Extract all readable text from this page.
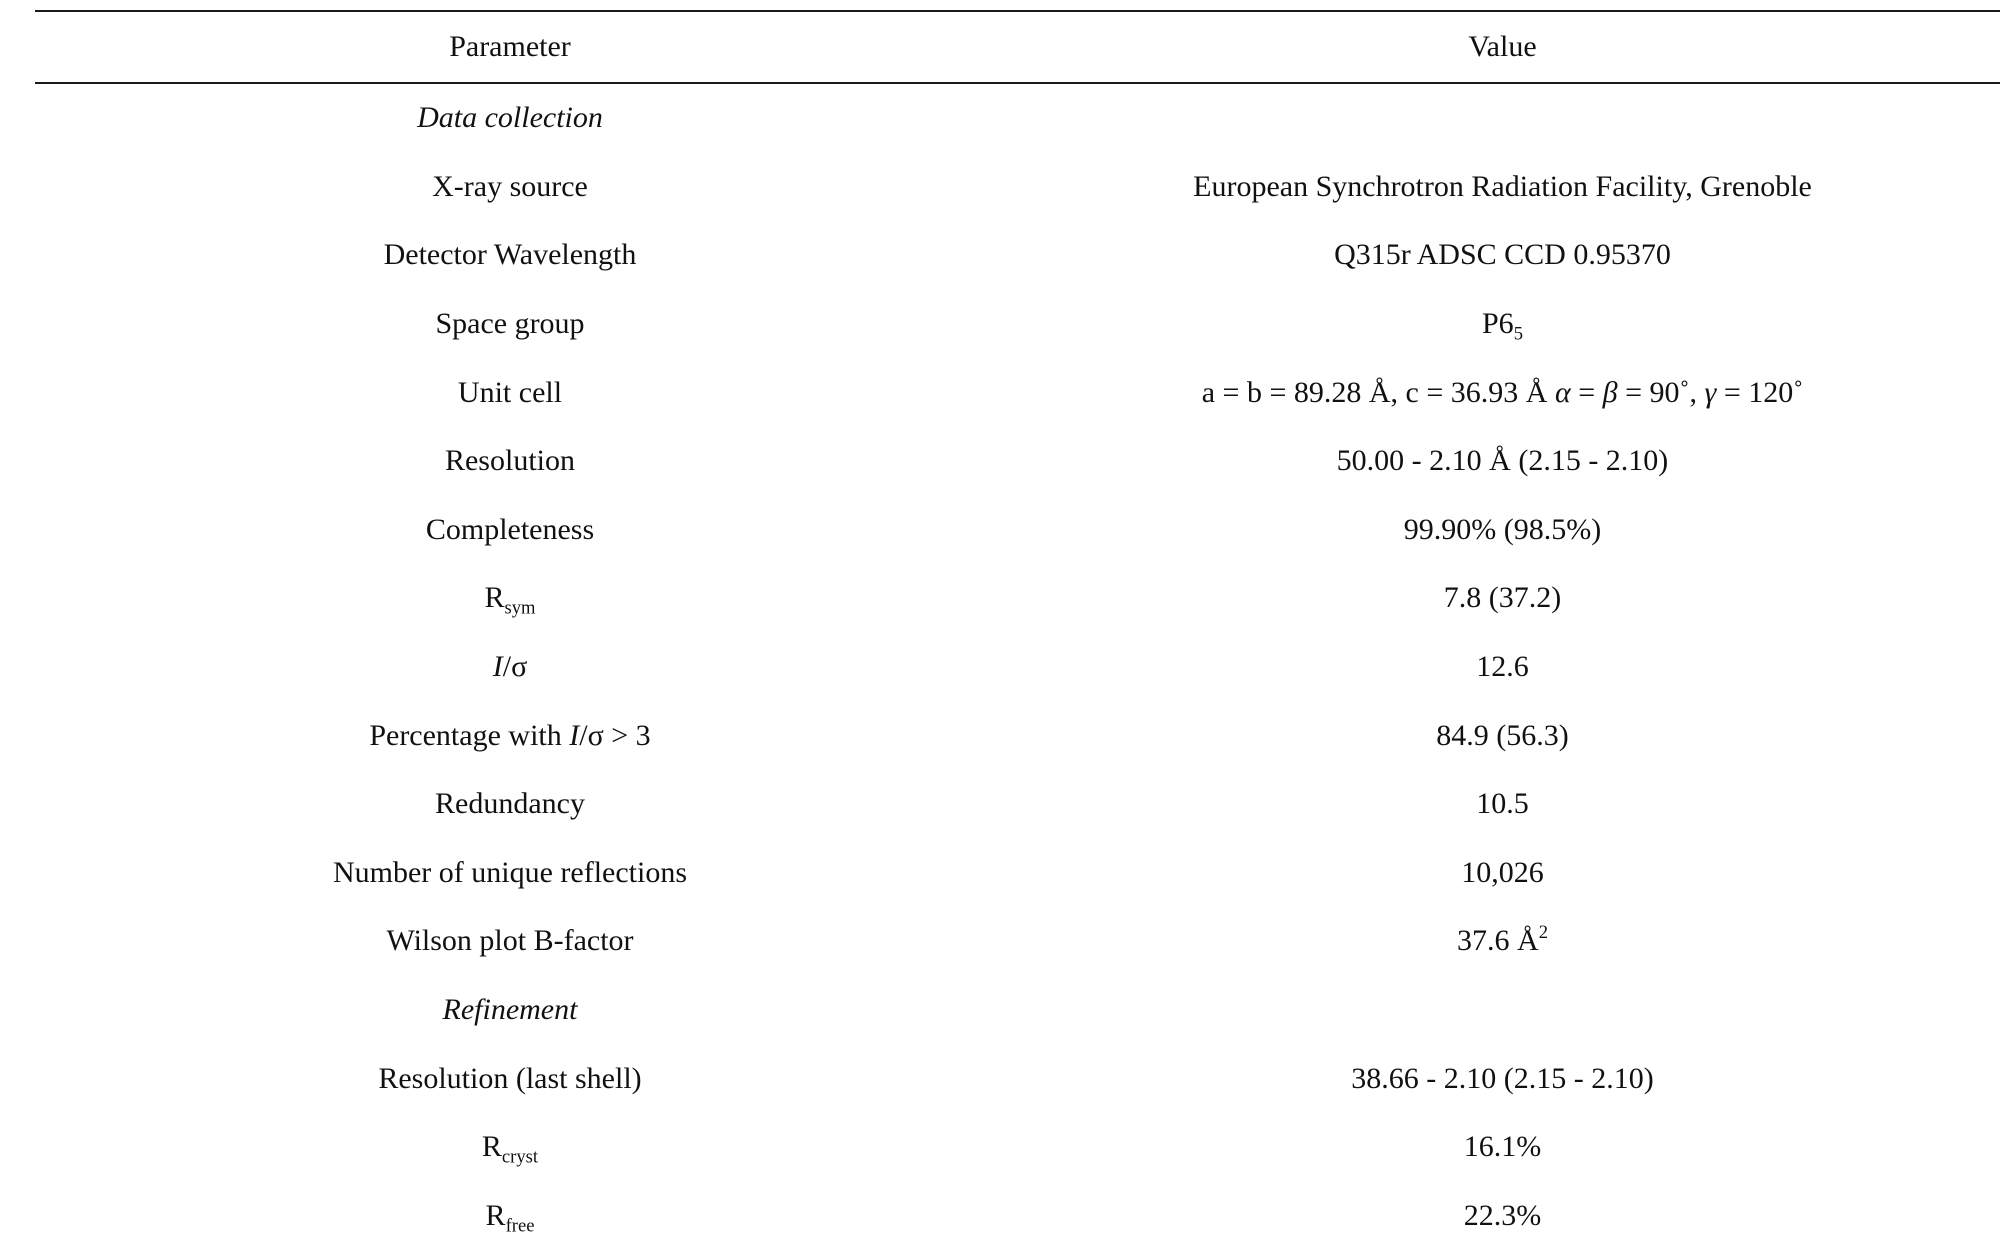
Parameter	Value
Data collection
X-ray source	European Synchrotron Radiation Facility, Grenoble
Detector Wavelength	Q315r ADSC CCD 0.95370
Space group	$P6_5$
Unit cell	a = b = 89.28 Å, c = 36.93 Å α = β = 90˚, γ = 120˚
Resolution	50.00 - 2.10 Å (2.15 - 2.10)
Completeness	99.90% (98.5%)
$R_{sym}$	7.8 (37.2)
I/σ	12.6
Percentage with I/σ > 3	84.9 (56.3)
Redundancy	10.5
Number of unique reflections	10,026
Wilson plot B-factor	37.6 $Å^2$
Refinement
Resolution (last shell)	38.66 - 2.10 (2.15 - 2.10)
$R_{cryst}$	16.1%
$R_{free}$	22.3%
